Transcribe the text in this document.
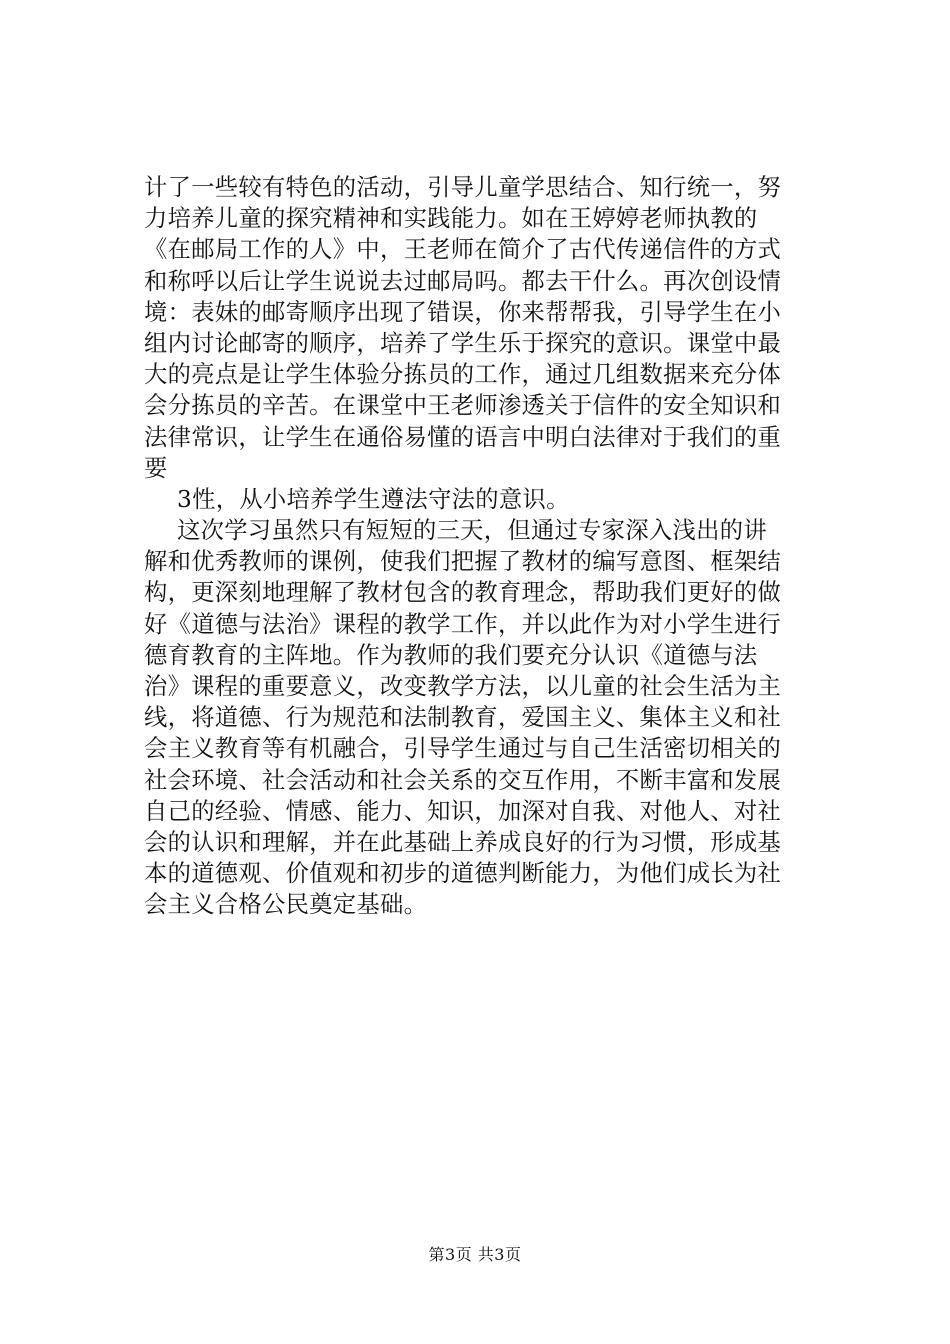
计了一些较有特色的活动，引导儿童学思结合、知行统一，努
力培养儿童的探究精神和实践能力。如在王婷婷老师执教的
《在邮局工作的人》中，王老师在简介了古代传递信件的方式
和称呼以后让学生说说去过邮局吗。都去干什么。再次创设情
境：表妹的邮寄顺序出现了错误，你来帮帮我，引导学生在小
组内讨论邮寄的顺序，培养了学生乐于探究的意识。课堂中最
大的亮点是让学生体验分拣员的工作，通过几组数据来充分体
会分拣员的辛苦。在课堂中王老师渗透关于信件的安全知识和
法律常识，让学生在通俗易懂的语言中明白法律对于我们的重
要
3性，从小培养学生遵法守法的意识。
这次学习虽然只有短短的三天，但通过专家深入浅出的讲
解和优秀教师的课例，使我们把握了教材的编写意图、框架结
构，更深刻地理解了教材包含的教育理念，帮助我们更好的做
好《道德与法治》课程的教学工作，并以此作为对小学生进行
德育教育的主阵地。作为教师的我们要充分认识《道德与法
治》课程的重要意义，改变教学方法，以儿童的社会生活为主
线，将道德、行为规范和法制教育，爱国主义、集体主义和社
会主义教育等有机融合，引导学生通过与自己生活密切相关的
社会环境、社会活动和社会关系的交互作用，不断丰富和发展
自己的经验、情感、能力、知识，加深对自我、对他人、对社
会的认识和理解，并在此基础上养成良好的行为习惯，形成基
本的道德观、价值观和初步的道德判断能力，为他们成长为社
会主义合格公民奠定基础。
第3页 共3页
